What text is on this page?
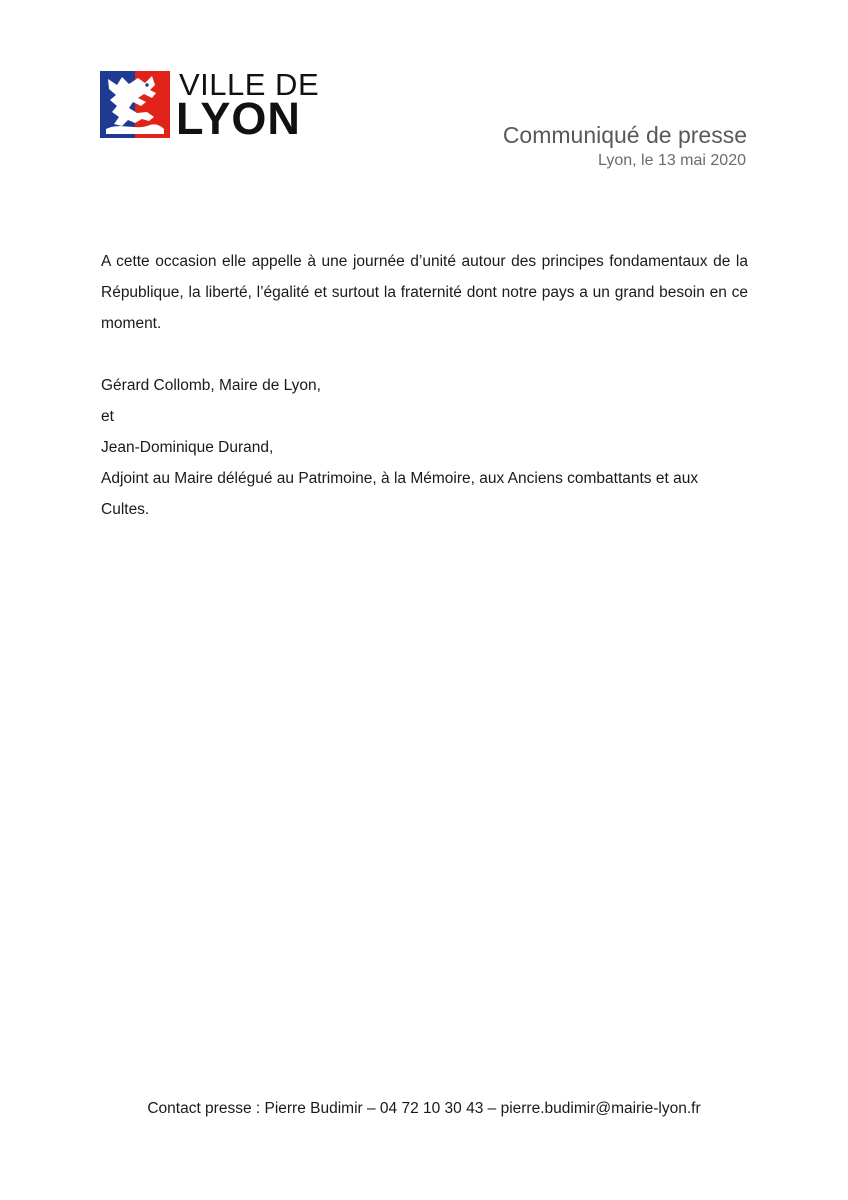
VILLE DE
LYON	Communiqué de presse
Lyon, le 13 mai 2020

A cette occasion elle appelle à une journée d’unité autour des principes fondamentaux de la République, la liberté, l’égalité et surtout la fraternité dont notre pays a un grand besoin en ce moment.

Gérard Collomb, Maire de Lyon,

et

Jean-Dominique Durand,

Adjoint au Maire délégué au Patrimoine, à la Mémoire, aux Anciens combattants et aux

Cultes.

Contact presse : Pierre Budimir – 04 72 10 30 43 – pierre.budimir@mairie-lyon.fr
